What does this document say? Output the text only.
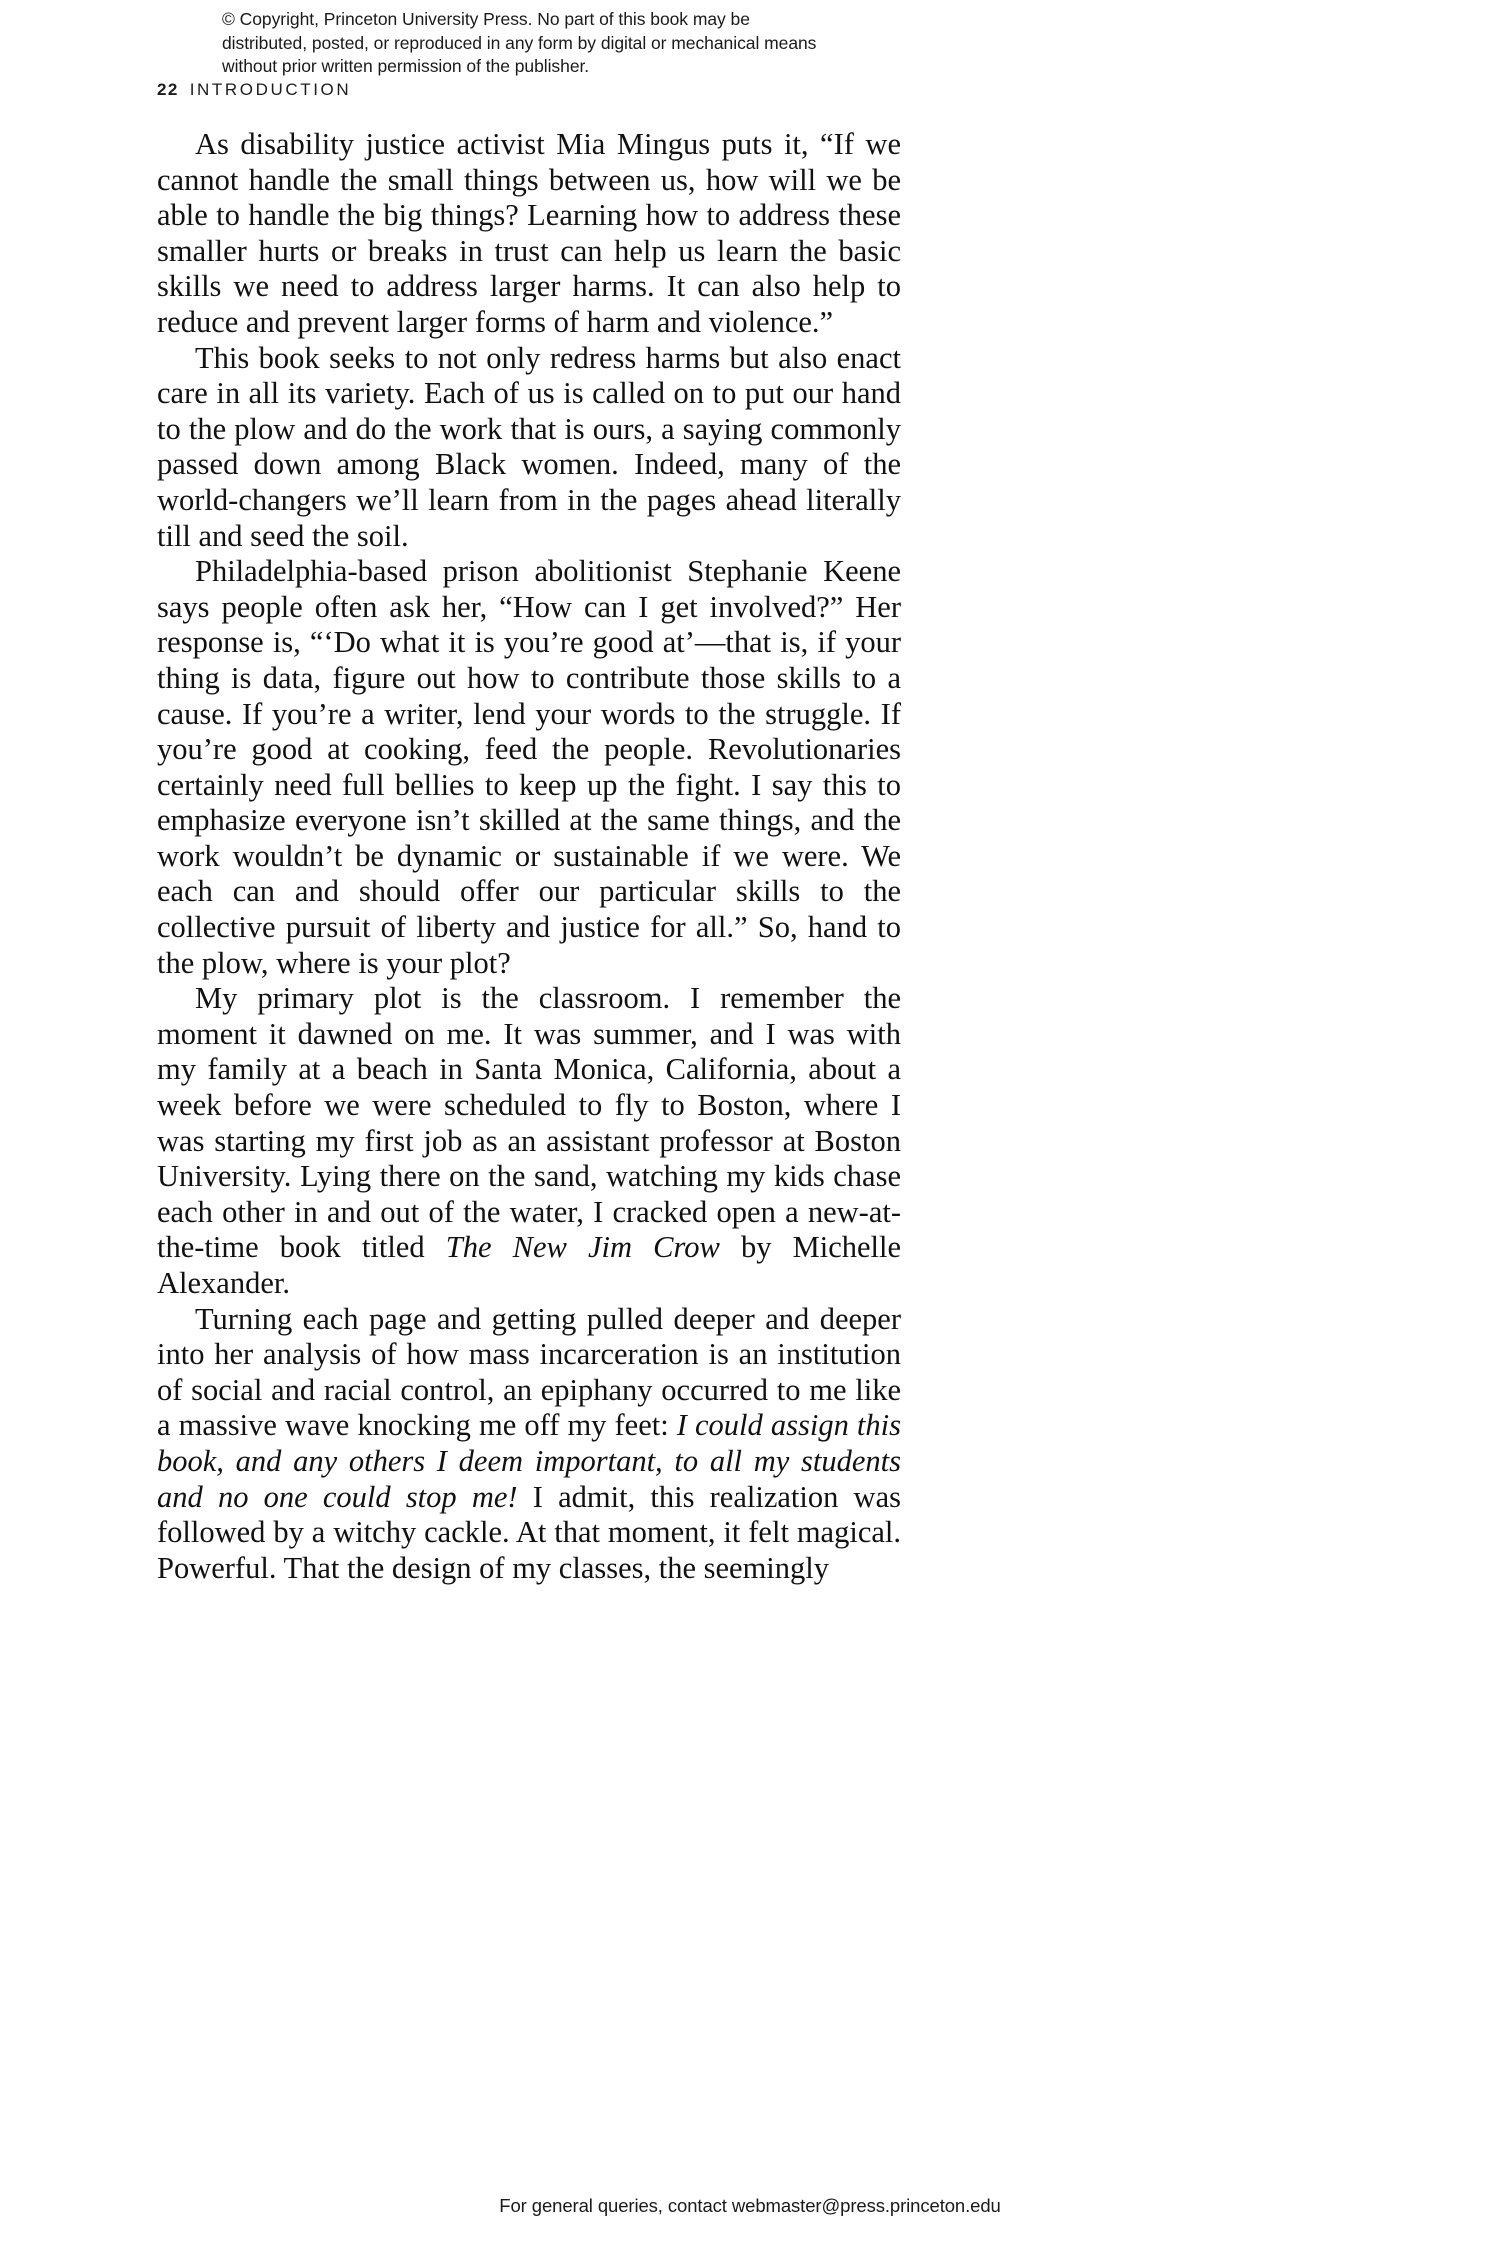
© Copyright, Princeton University Press. No part of this book may be distributed, posted, or reproduced in any form by digital or mechanical means without prior written permission of the publisher.
22 INTRODUCTION

As disability justice activist Mia Mingus puts it, “If we cannot handle the small things between us, how will we be able to handle the big things? Learning how to address these smaller hurts or breaks in trust can help us learn the basic skills we need to address larger harms. It can also help to reduce and prevent larger forms of harm and violence.”

This book seeks to not only redress harms but also enact care in all its variety. Each of us is called on to put our hand to the plow and do the work that is ours, a saying commonly passed down among Black women. Indeed, many of the world-changers we’ll learn from in the pages ahead literally till and seed the soil.

Philadelphia-based prison abolitionist Stephanie Keene says people often ask her, “How can I get involved?” Her response is, “‘Do what it is you’re good at’—that is, if your thing is data, figure out how to contribute those skills to a cause. If you’re a writer, lend your words to the struggle. If you’re good at cooking, feed the people. Revolutionaries certainly need full bellies to keep up the fight. I say this to emphasize everyone isn’t skilled at the same things, and the work wouldn’t be dynamic or sustainable if we were. We each can and should offer our particular skills to the collective pursuit of liberty and justice for all.” So, hand to the plow, where is your plot?

My primary plot is the classroom. I remember the moment it dawned on me. It was summer, and I was with my family at a beach in Santa Monica, California, about a week before we were scheduled to fly to Boston, where I was starting my first job as an assistant professor at Boston University. Lying there on the sand, watching my kids chase each other in and out of the water, I cracked open a new-at-the-time book titled The New Jim Crow by Michelle Alexander.

Turning each page and getting pulled deeper and deeper into her analysis of how mass incarceration is an institution of social and racial control, an epiphany occurred to me like a massive wave knocking me off my feet: I could assign this book, and any others I deem important, to all my students and no one could stop me! I admit, this realization was followed by a witchy cackle. At that moment, it felt magical. Powerful. That the design of my classes, the seemingly

For general queries, contact webmaster@press.princeton.edu
